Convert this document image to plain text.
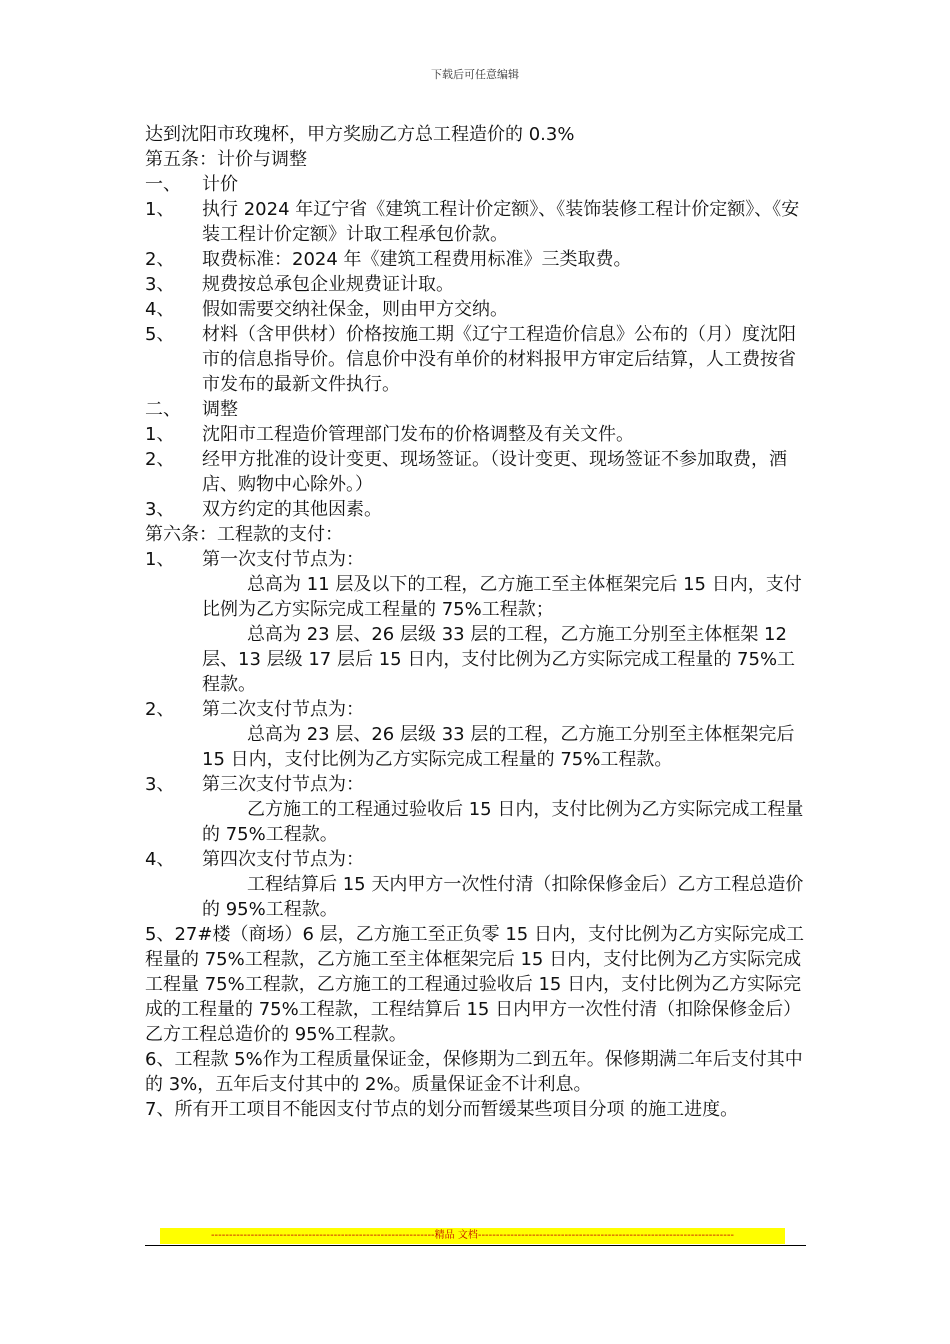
下载后可任意编辑
达到沈阳市玫瑰杯，甲方奖励乙方总工程造价的 0.3%
第五条：计价与调整
一、	计价
1、	执行 2024 年辽宁省《建筑工程计价定额》、《装饰装修工程计价定额》、《安装工程计价定额》计取工程承包价款。
2、	取费标准：2024 年《建筑工程费用标准》三类取费。
3、	规费按总承包企业规费证计取。
4、	假如需要交纳社保金，则由甲方交纳。
5、	材料（含甲供材）价格按施工期《辽宁工程造价信息》公布的（月）度沈阳市的信息指导价。信息价中没有单价的材料报甲方审定后结算，人工费按省市发布的最新文件执行。
二、	调整
1、	沈阳市工程造价管理部门发布的价格调整及有关文件。
2、	经甲方批准的设计变更、现场签证。（设计变更、现场签证不参加取费，酒店、购物中心除外。）
3、	双方约定的其他因素。
第六条：工程款的支付：
1、	第一次支付节点为：
总高为 11 层及以下的工程，乙方施工至主体框架完后 15 日内，支付比例为乙方实际完成工程量的 75%工程款；
总高为 23 层、26 层级 33 层的工程，乙方施工分别至主体框架 12 层、13 层级 17 层后 15 日内，支付比例为乙方实际完成工程量的 75%工程款。
2、	第二次支付节点为：
总高为 23 层、26 层级 33 层的工程，乙方施工分别至主体框架完后 15 日内，支付比例为乙方实际完成工程量的 75%工程款。
3、	第三次支付节点为：
乙方施工的工程通过验收后 15 日内，支付比例为乙方实际完成工程量的 75%工程款。
4、	第四次支付节点为：
工程结算后 15 天内甲方一次性付清（扣除保修金后）乙方工程总造价的 95%工程款。
5、27#楼（商场）6 层，乙方施工至正负零 15 日内，支付比例为乙方实际完成工程量的 75%工程款，乙方施工至主体框架完后 15 日内，支付比例为乙方实际完成工程量 75%工程款，乙方施工的工程通过验收后 15 日内，支付比例为乙方实际完成的工程量的 75%工程款，工程结算后 15 日内甲方一次性付清（扣除保修金后）乙方工程总造价的 95%工程款。
6、工程款 5%作为工程质量保证金，保修期为二到五年。保修期满二年后支付其中的 3%，五年后支付其中的 2%。质量保证金不计利息。
7、所有开工项目不能因支付节点的划分而暂缓某些项目分项 的施工进度。
--------------------------------------------------------------精品 文档-----------------------------------------------------------------------
